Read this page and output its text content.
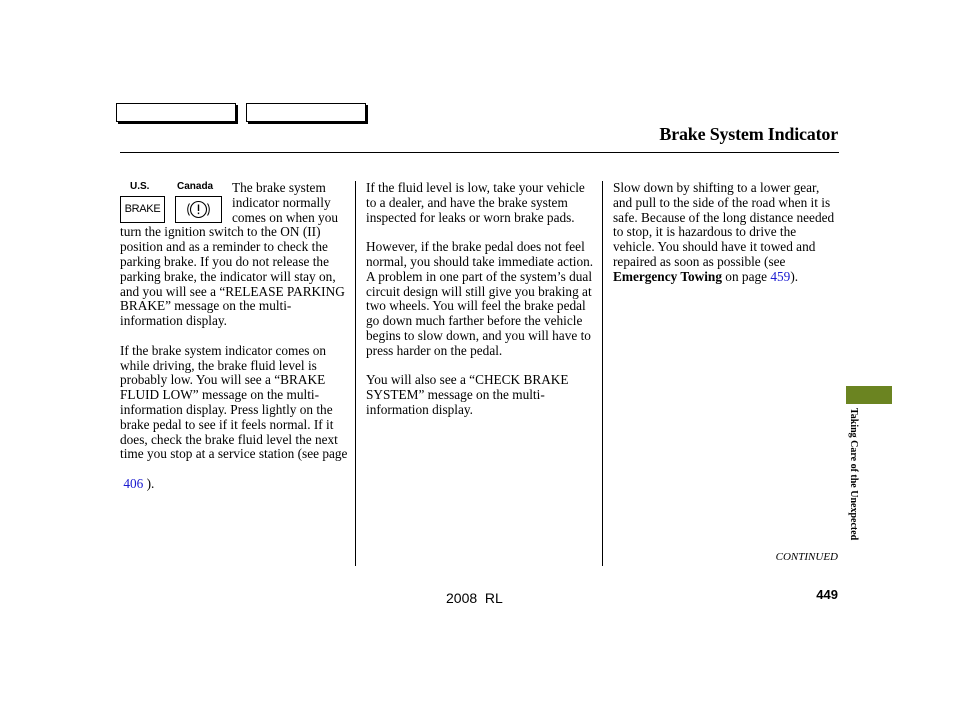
Brake System Indicator
U.S.	Canada
BRAKE

The brake system indicator normally comes on when you turn the ignition switch to the ON (II) position and as a reminder to check the parking brake. If you do not release the parking brake, the indicator will stay on, and you will see a “RELEASE PARKING BRAKE” message on the multi-information display.

If the brake system indicator comes on while driving, the brake fluid level is probably low. You will see a “BRAKE FLUID LOW” message on the multi-information display. Press lightly on the brake pedal to see if it feels normal. If it does, check the brake fluid level the next time you stop at a service station (see page   406 ).

If the fluid level is low, take your vehicle to a dealer, and have the brake system inspected for leaks or worn brake pads.

However, if the brake pedal does not feel normal, you should take immediate action. A problem in one part of the system’s dual circuit design will still give you braking at two wheels. You will feel the brake pedal go down much farther before the vehicle begins to slow down, and you will have to press harder on the pedal.

You will also see a “CHECK BRAKE SYSTEM” message on the multi-information display.

Slow down by shifting to a lower gear, and pull to the side of the road when it is safe. Because of the long distance needed to stop, it is hazardous to drive the vehicle. You should have it towed and repaired as soon as possible (see Emergency Towing on page 459).

Taking Care of the Unexpected
CONTINUED
2008  RL	449
